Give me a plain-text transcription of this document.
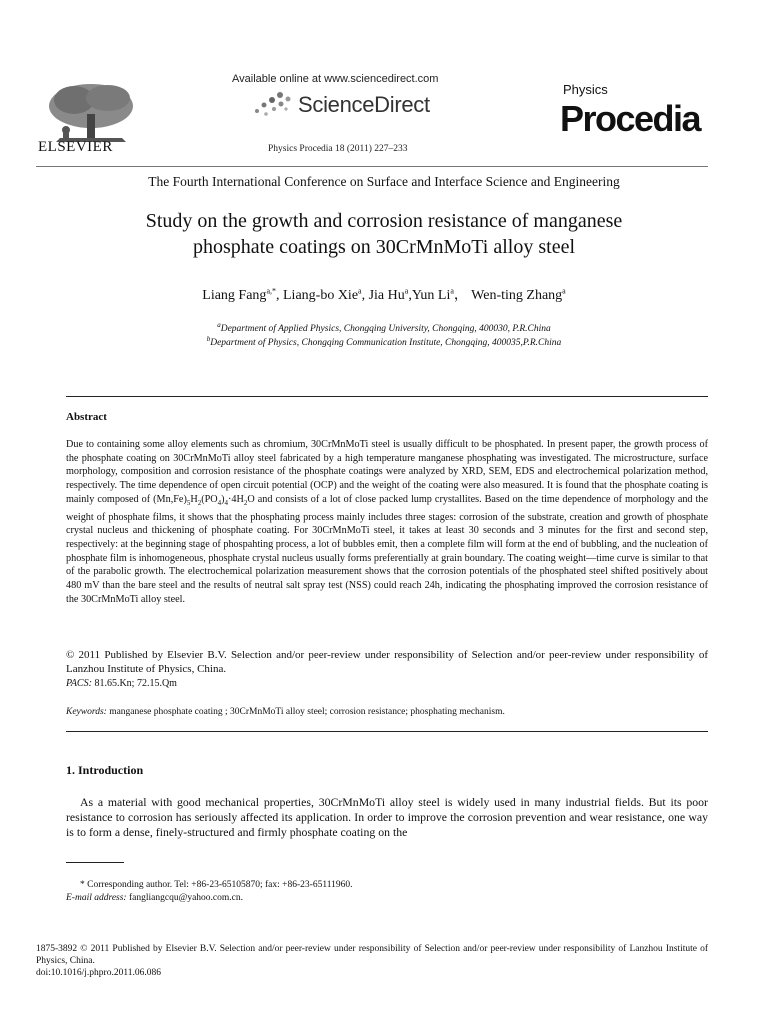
ELSEVIER
Available online at www.sciencedirect.com
ScienceDirect
Physics Procedia 18 (2011) 227–233
Physics
Procedia
The Fourth International Conference on Surface and Interface Science and Engineering
Study on the growth and corrosion resistance of manganese
phosphate coatings on 30CrMnMoTi alloy steel
Liang Fang$^{a,*}$, Liang-bo Xie$^a$, Jia Hu$^a$,Yun Li$^a$， Wen-ting Zhang$^a$
$^a$Department of Applied Physics, Chongqing University, Chongqing, 400030, P.R.China
$^b$Department of Physics, Chongqing Communication Institute, Chongqing, 400035,P.R.China
Abstract
Due to containing some alloy elements such as chromium, 30CrMnMoTi steel is usually difficult to be phosphated. In present paper, the growth process of the phosphate coating on 30CrMnMoTi alloy steel fabricated by a high temperature manganese phosphating was investigated. The microstructure, surface morphology, composition and corrosion resistance of the phosphate coatings were analyzed by XRD, SEM, EDS and electrochemical polarization method, respectively. The time dependence of open circuit potential (OCP) and the weight of the coating were also measured. It is found that the phosphate coating is mainly composed of $(Mn,Fe)_5H_2(PO_4)_4\cdot 4H_2O$ and consists of a lot of close packed lump crystallites. Based on the time dependence of morphology and the weight of phosphate films, it shows that the phosphating process mainly includes three stages: corrosion of the substrate, creation and growth of phosphate crystal nucleus and thickening of phosphate coating. For 30CrMnMoTi steel, it takes at least 30 seconds and 3 minutes for the first and second step, respectively: at the beginning stage of phospahting process, a lot of bubbles emit, then a complete film will form at the end of bubbling, and the nucleation of phosphate film is inhomogeneous, phosphate crystal nucleus usually forms preferentially at grain boundary. The coating weight—time curve is similar to that of the parabolic growth. The electrochemical polarization measurement shows that the corrosion potentials of the phosphated steel shifted positively about 480 mV than the bare steel and the results of neutral salt spray test (NSS) could reach 24h, indicating the phosphating improved the corrosion resistance of the 30CrMnMoTi alloy steel.
© 2011 Published by Elsevier B.V. Selection and/or peer-review under responsibility of Selection and/or peer-review under responsibility of Lanzhou Institute of Physics, China.
PACS: 81.65.Kn; 72.15.Qm
Keywords: manganese phosphate coating ; 30CrMnMoTi alloy steel; corrosion resistance; phosphating mechanism.
1. Introduction
As a material with good mechanical properties, 30CrMnMoTi alloy steel is widely used in many industrial fields. But its poor resistance to corrosion has seriously affected its application. In order to improve the corrosion prevention and wear resistance, one way is to form a dense, finely-structured and firmly phosphate coating on the
* Corresponding author. Tel: +86-23-65105870; fax: +86-23-65111960.
E-mail address: fangliangcqu@yahoo.com.cn.
1875-3892 © 2011 Published by Elsevier B.V. Selection and/or peer-review under responsibility of Selection and/or peer-review under responsibility of Lanzhou Institute of Physics, China.
doi:10.1016/j.phpro.2011.06.086
